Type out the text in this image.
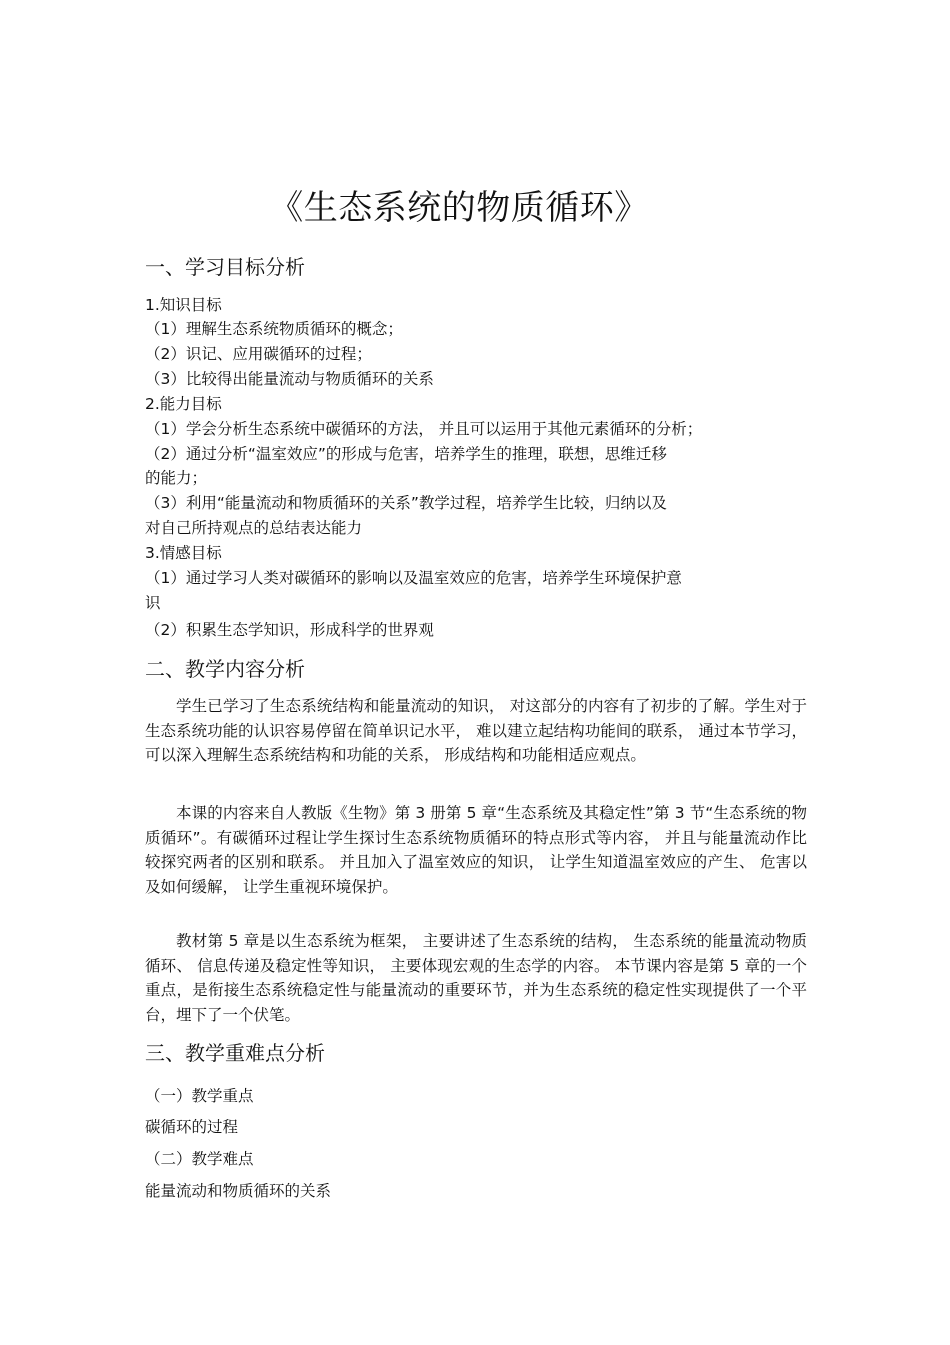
《生态系统的物质循环》
一、学习目标分析

1.知识目标

（1）理解生态系统物质循环的概念；

（2）识记、应用碳循环的过程；

（3）比较得出能量流动与物质循环的关系

2.能力目标

（1）学会分析生态系统中碳循环的方法， 并且可以运用于其他元素循环的分析；

（2）通过分析“温室效应”的形成与危害，培养学生的推理，联想，思维迁移

的能力；

（3）利用“能量流动和物质循环的关系”教学过程，培养学生比较，归纳以及

对自己所持观点的总结表达能力

3.情感目标

（1）通过学习人类对碳循环的影响以及温室效应的危害，培养学生环境保护意

识

（2）积累生态学知识，形成科学的世界观

二、教学内容分析

学生已学习了生态系统结构和能量流动的知识， 对这部分的内容有了初步的了解。学生对于生态系统功能的认识容易停留在简单识记水平， 难以建立起结构功能间的联系， 通过本节学习， 可以深入理解生态系统结构和功能的关系， 形成结构和功能相适应观点。

本课的内容来自人教版《生物》第 3 册第 5 章“生态系统及其稳定性”第 3 节“生态系统的物质循环”。有碳循环过程让学生探讨生态系统物质循环的特点形式等内容， 并且与能量流动作比较探究两者的区别和联系。 并且加入了温室效应的知识， 让学生知道温室效应的产生、 危害以及如何缓解， 让学生重视环境保护。

教材第 5 章是以生态系统为框架， 主要讲述了生态系统的结构， 生态系统的能量流动物质循环、 信息传递及稳定性等知识， 主要体现宏观的生态学的内容。 本节课内容是第 5 章的一个重点，是衔接生态系统稳定性与能量流动的重要环节，并为生态系统的稳定性实现提供了一个平台，埋下了一个伏笔。

三、教学重难点分析

（一）教学重点

碳循环的过程

（二）教学难点

能量流动和物质循环的关系
